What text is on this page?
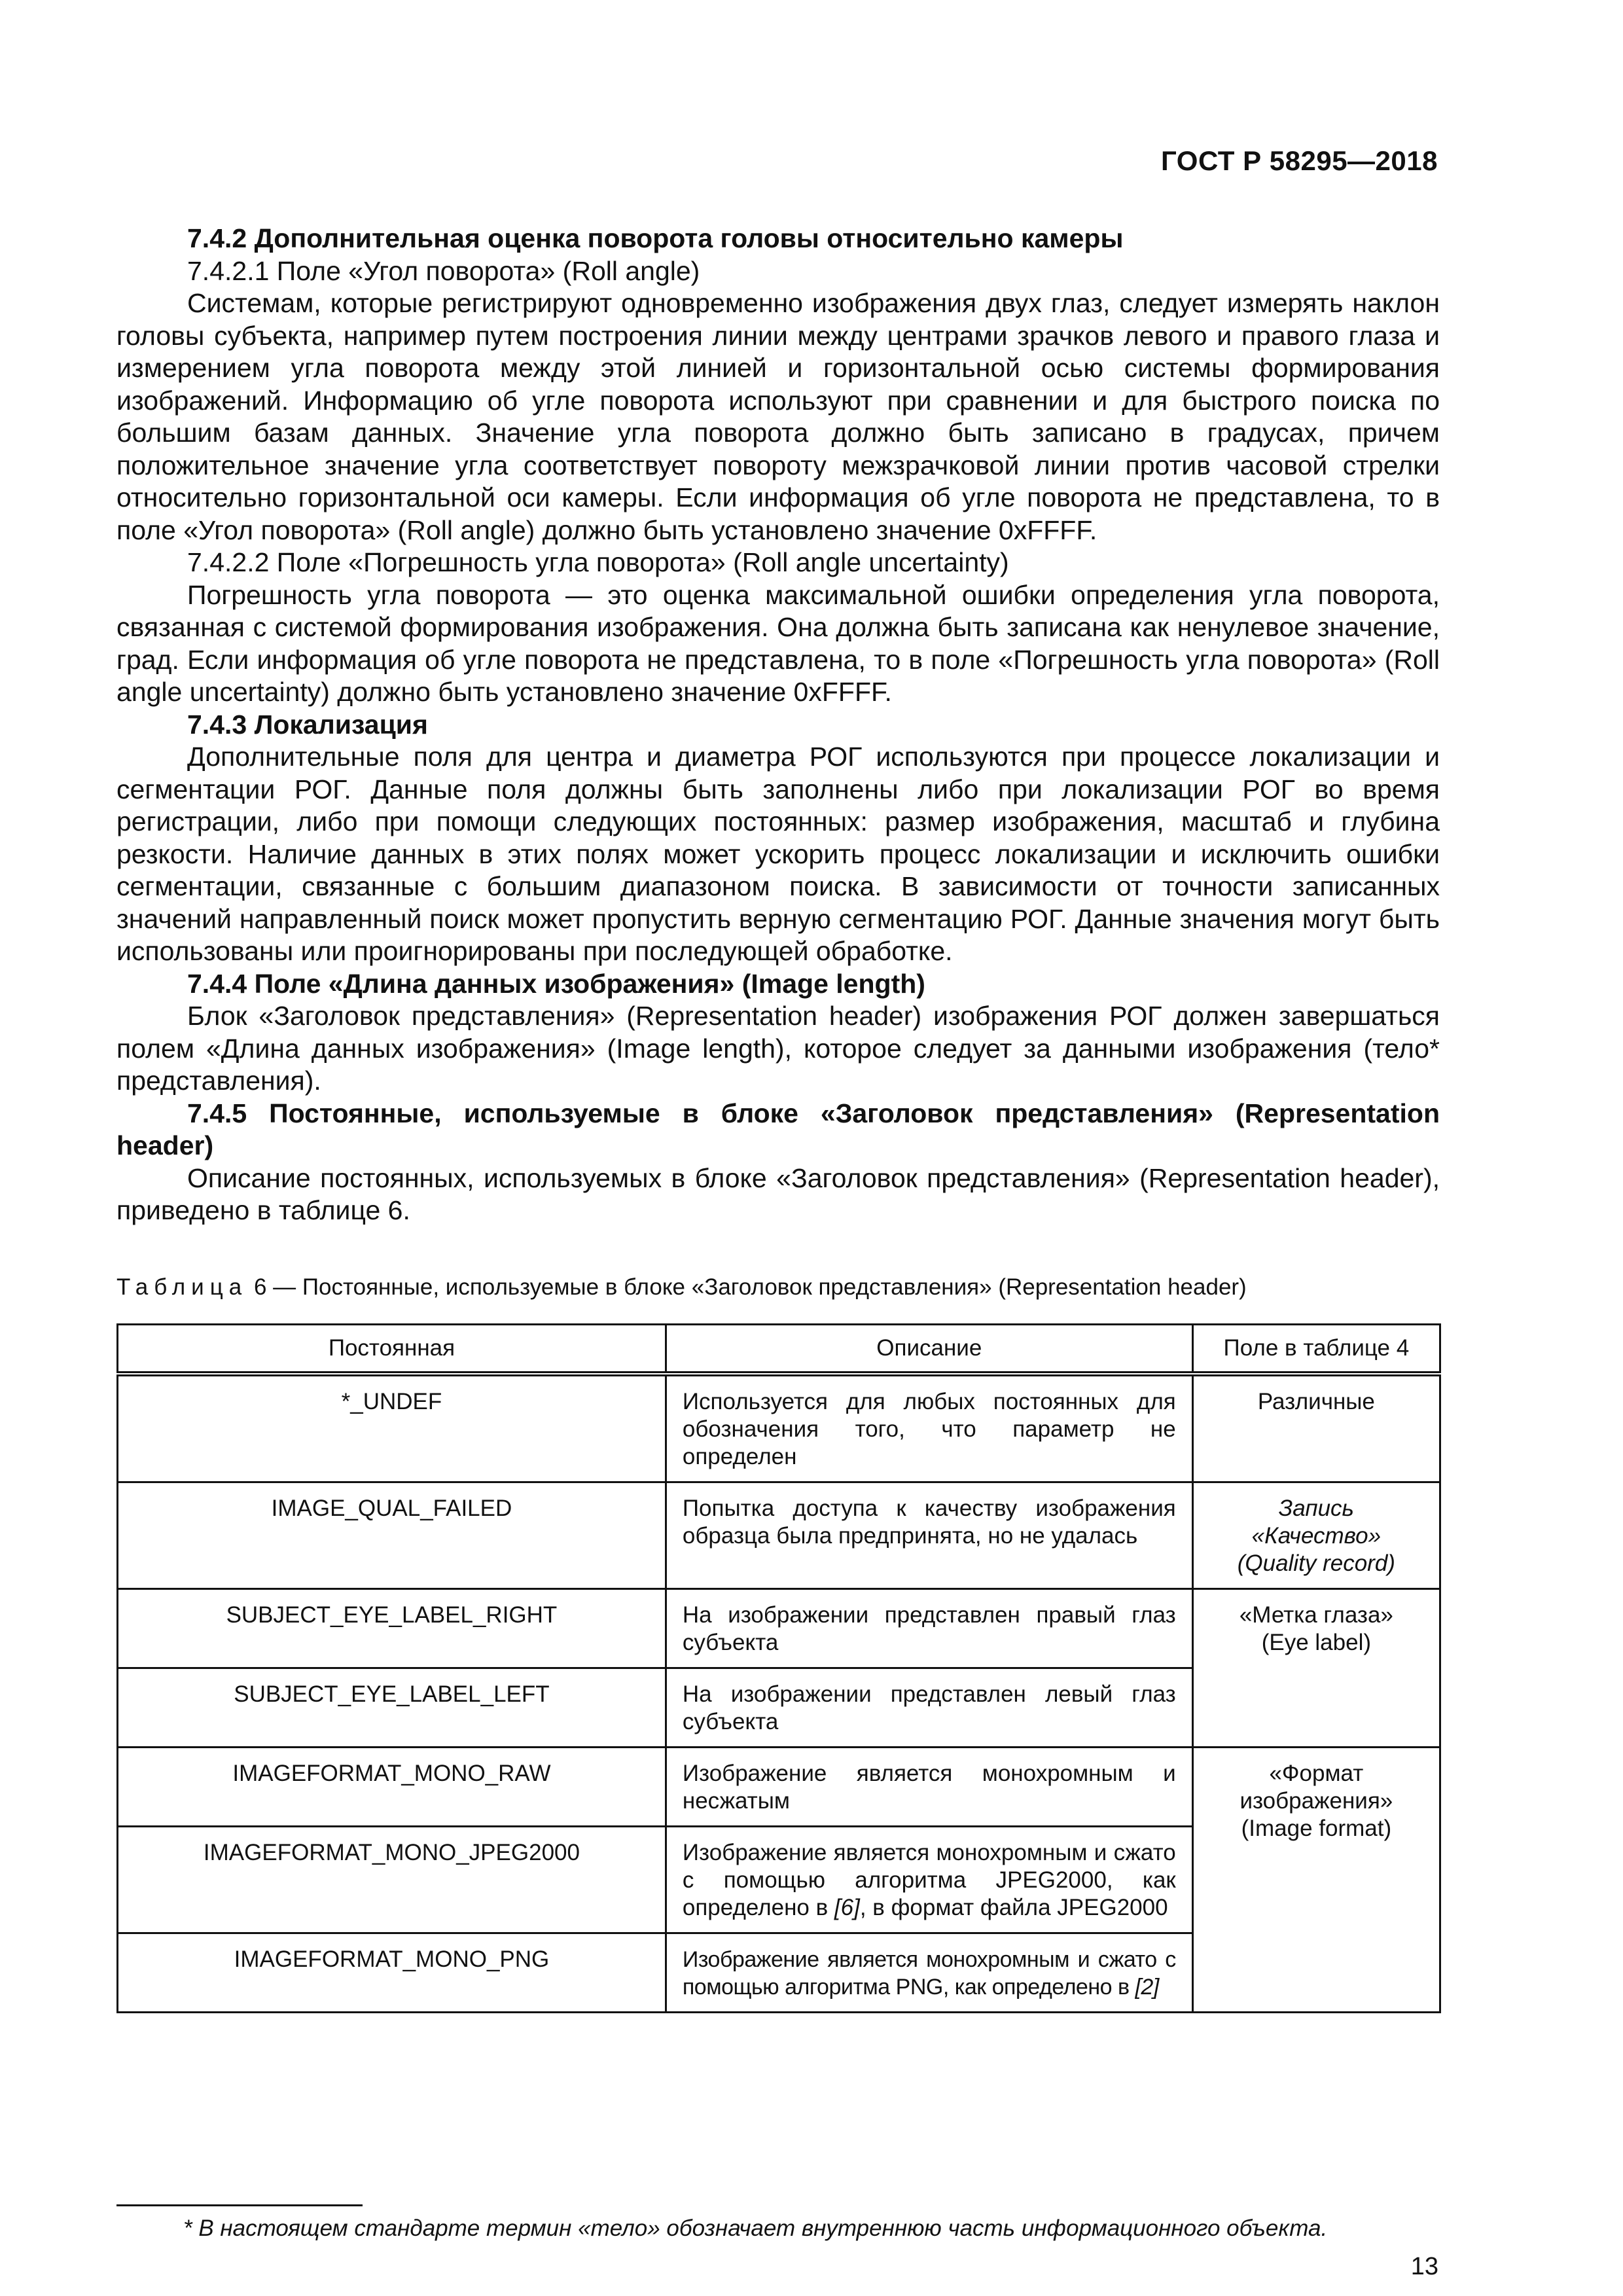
ГОСТ Р 58295—2018

7.4.2 Дополнительная оценка поворота головы относительно камеры

7.4.2.1 Поле «Угол поворота» (Roll angle)

Системам, которые регистрируют одновременно изображения двух глаз, следует измерять наклон головы субъекта, например путем построения линии между центрами зрачков левого и правого глаза и измерением угла поворота между этой линией и горизонтальной осью системы формирования изображений. Информацию об угле поворота используют при сравнении и для быстрого поиска по большим базам данных. Значение угла поворота должно быть записано в градусах, причем положительное значение угла соответствует повороту межзрачковой линии против часовой стрелки относительно горизонтальной оси камеры. Если информация об угле поворота не представлена, то в поле «Угол поворота» (Roll angle) должно быть установлено значение 0xFFFF.

7.4.2.2 Поле «Погрешность угла поворота» (Roll angle uncertainty)

Погрешность угла поворота — это оценка максимальной ошибки определения угла поворота, связанная с системой формирования изображения. Она должна быть записана как ненулевое значение, град. Если информация об угле поворота не представлена, то в поле «Погрешность угла поворота» (Roll angle uncertainty) должно быть установлено значение 0xFFFF.

7.4.3 Локализация

Дополнительные поля для центра и диаметра РОГ используются при процессе локализации и сегментации РОГ. Данные поля должны быть заполнены либо при локализации РОГ во время регистрации, либо при помощи следующих постоянных: размер изображения, масштаб и глубина резкости. Наличие данных в этих полях может ускорить процесс локализации и исключить ошибки сегментации, связанные с большим диапазоном поиска. В зависимости от точности записанных значений направленный поиск может пропустить верную сегментацию РОГ. Данные значения могут быть использованы или проигнорированы при последующей обработке.

7.4.4 Поле «Длина данных изображения» (Image length)

Блок «Заголовок представления» (Representation header) изображения РОГ должен завершаться полем «Длина данных изображения» (Image length), которое следует за данными изображения (тело* представления).

7.4.5 Постоянные, используемые в блоке «Заголовок представления» (Representation header)

Описание постоянных, используемых в блоке «Заголовок представления» (Representation header), приведено в таблице 6.

Таблица 6 — Постоянные, используемые в блоке «Заголовок представления» (Representation header)
Постоянная	Описание	Поле в таблице 4
*_UNDEF	Используется для любых постоянных для обозначения того, что параметр не определен	Различные
IMAGE_QUAL_FAILED	Попытка доступа к качеству изображения образца была предпринята, но не удалась	Запись
«Качество»
(Quality record)

SUBJECT_EYE_LABEL_RIGHT	На изображении представлен правый глаз субъекта	«Метка глаза»
(Eye label)

SUBJECT_EYE_LABEL_LEFT	На изображении представлен левый глаз субъекта	
IMAGEFORMAT_MONO_RAW	Изображение является монохромным и несжатым	«Формат
изображения»
(Image format)

IMAGEFORMAT_MONO_JPEG2000	Изображение является монохромным и сжато с помощью алгоритма JPEG2000, как определено в [6], в формат файла JPEG2000	
IMAGEFORMAT_MONO_PNG	Изображение является монохромным и сжато с помощью алгоритма PNG, как определено в [2]	
* В настоящем стандарте термин «тело» обозначает внутреннюю часть информационного объекта.
13
